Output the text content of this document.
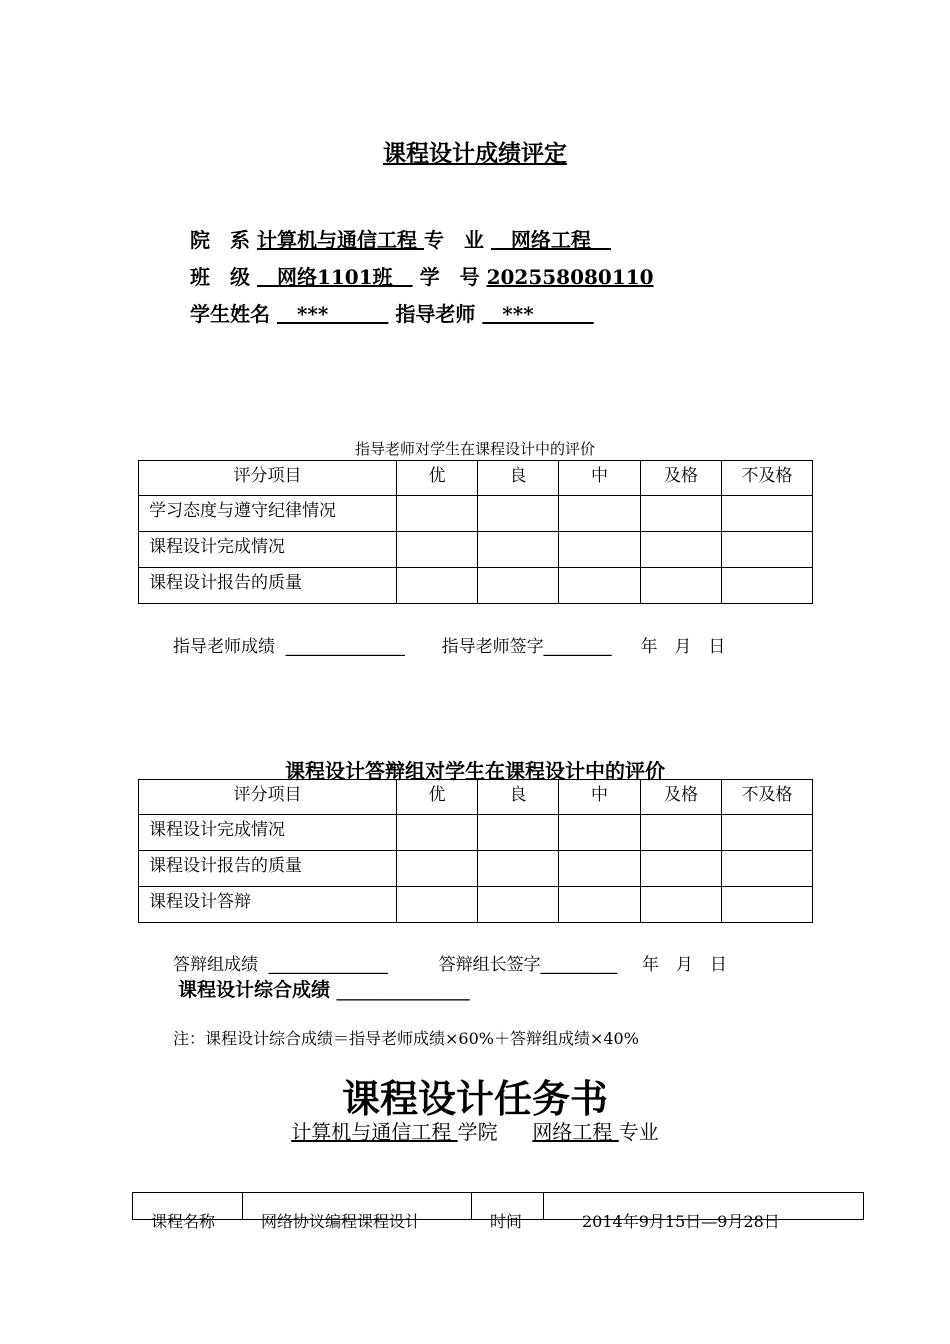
课程设计成绩评定
院　系 计算机与通信工程 专　业 　网络工程　
班　级 　网络1101班　 学　号 202558080110
学生姓名 　***　　　 指导老师 　***　　　
指导老师对学生在课程设计中的评价
评分项目	优	良	中	及格	不及格
学习态度与遵守纪律情况					
课程设计完成情况					
课程设计报告的质量					
指导老师成绩  ______________ 指导老师签字________ 年　月　日
课程设计答辩组对学生在课程设计中的评价
评分项目	优	良	中	及格	不及格
课程设计完成情况					
课程设计报告的质量					
课程设计答辩					
答辩组成绩  ______________	答辩组长签字_________ 年　月　日
课程设计综合成绩 ______________
注：课程设计综合成绩＝指导老师成绩×60%＋答辩组成绩×40%
课程设计任务书
计算机与通信工程 学院  网络工程 专业
课程名称	网络协议编程课程设计	时间	2014年9月15日—9月28日
